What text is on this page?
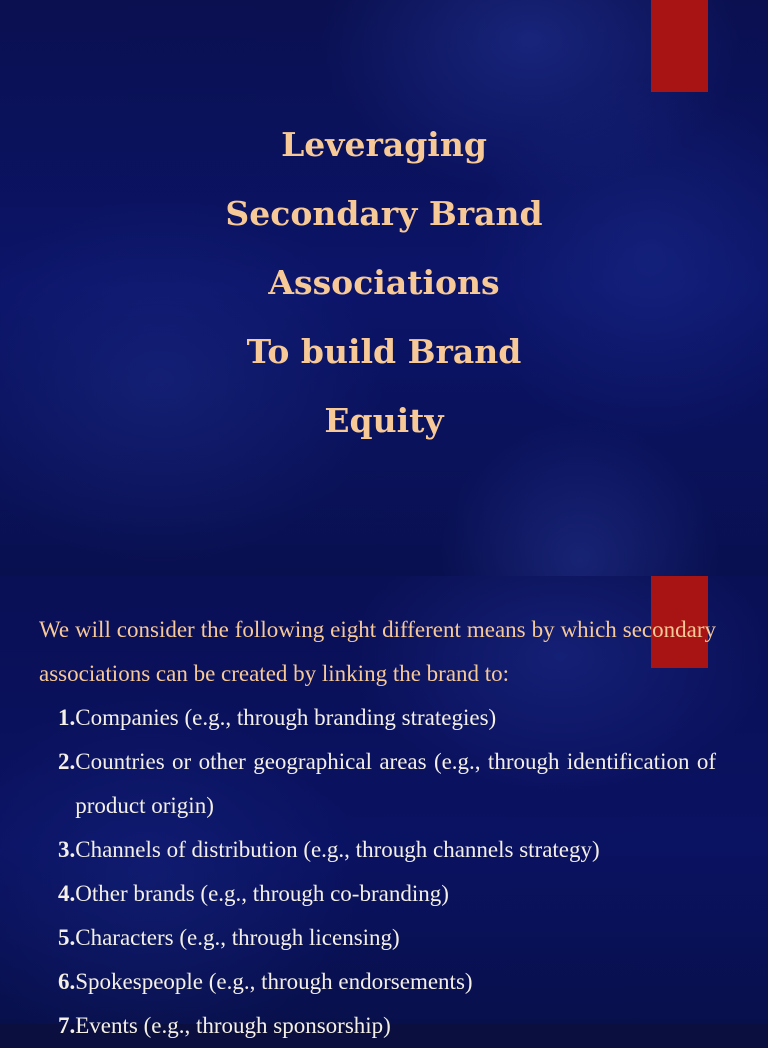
Leveraging
Secondary Brand
Associations
To build Brand
Equity
We will consider the following eight different means by which secondary associations can be created by linking the brand to:
1. Companies (e.g., through branding strategies)
2. Countries or other geographical areas (e.g., through identification of product origin)
3. Channels of distribution (e.g., through channels strategy)
4. Other brands (e.g., through co-branding)
5. Characters (e.g., through licensing)
6. Spokespeople (e.g., through endorsements)
7. Events (e.g., through sponsorship)
